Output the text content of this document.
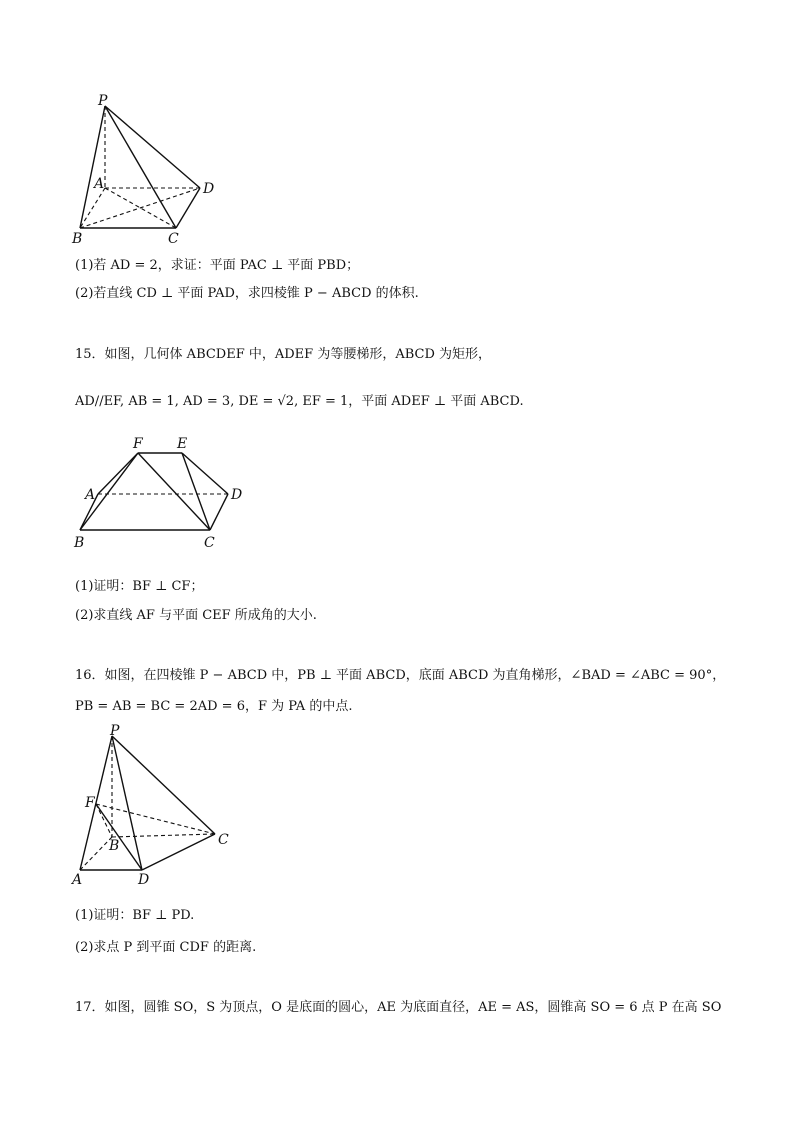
P
A
B	C
D
(1)若 AD = 2，求证：平面 PAC ⊥ 平面 PBD；
(2)若直线 CD ⊥ 平面 PAD，求四棱锥 P − ABCD 的体积.
15．如图，几何体 ABCDEF 中，ADEF 为等腰梯形，ABCD 为矩形，
AD//EF, AB = 1, AD = 3, DE = √2, EF = 1，平面 ADEF ⊥ 平面 ABCD.
F E
A	D
B	C
(1)证明：BF ⊥ CF；
(2)求直线 AF 与平面 CEF 所成角的大小.
16．如图，在四棱锥 P − ABCD 中，PB ⊥ 平面 ABCD，底面 ABCD 为直角梯形，∠BAD = ∠ABC = 90°，
PB = AB = BC = 2AD = 6，F 为 PA 的中点.
P
F
B	C
A	D
(1)证明：BF ⊥ PD.
(2)求点 P 到平面 CDF 的距离.
17．如图，圆锥 SO，S 为顶点，O 是底面的圆心，AE 为底面直径，AE = AS，圆锥高 SO = 6 点 P 在高 SO
